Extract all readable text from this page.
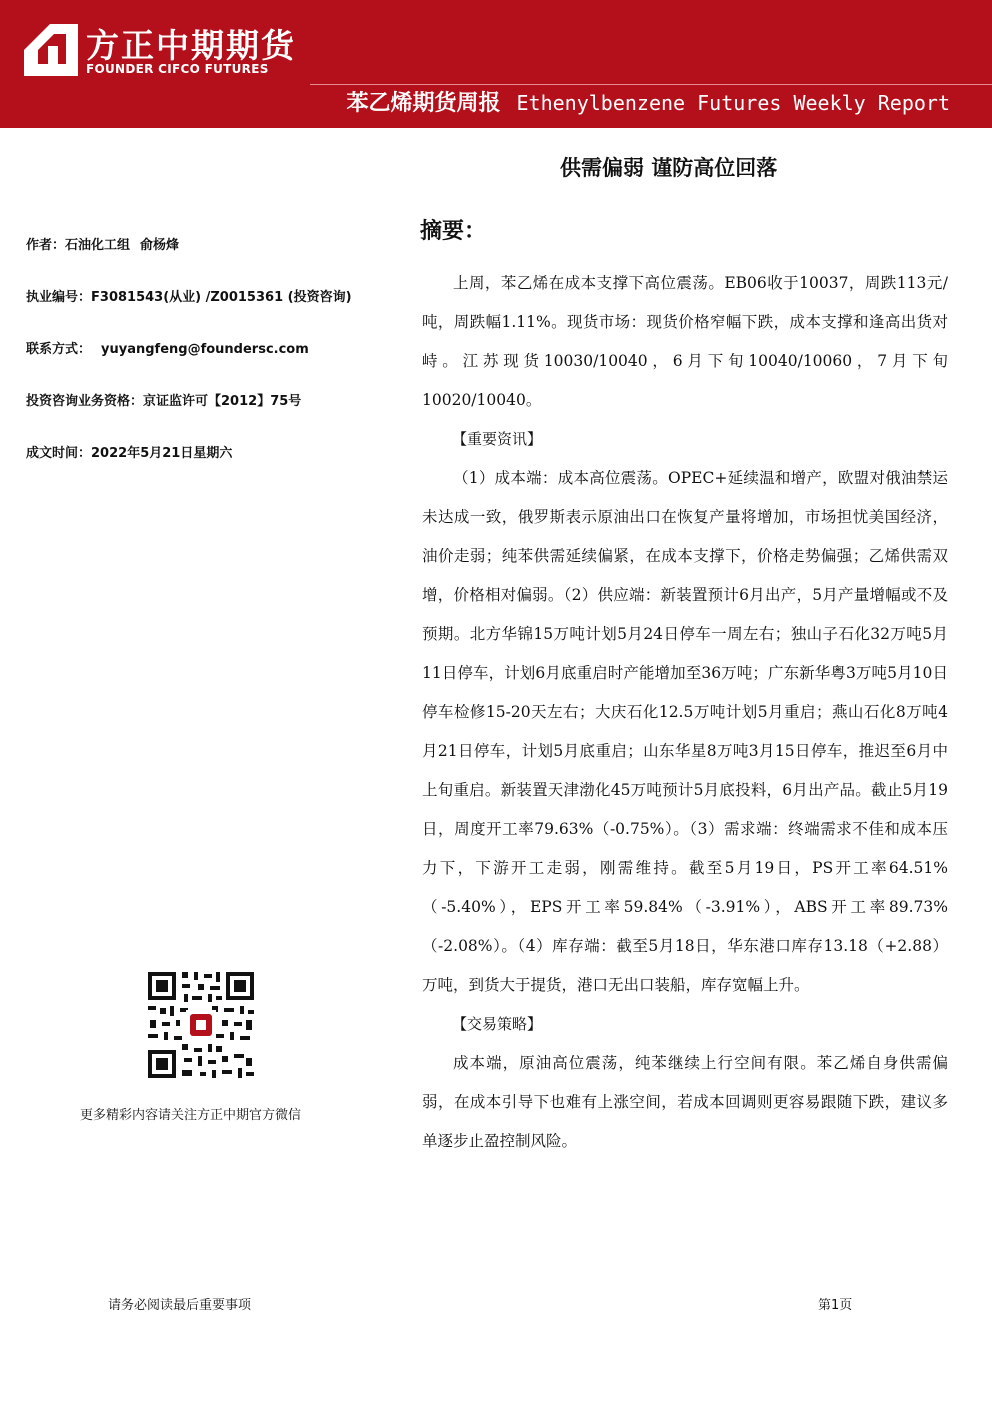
方正中期期货
FOUNDER CIFCO FUTURES
苯乙烯期货周报 Ethenylbenzene Futures Weekly Report
供需偏弱 谨防高位回落
作者：石油化工组 俞杨烽
执业编号：F3081543(从业) /Z0015361 (投资咨询)
联系方式： yuyangfeng@foundersc.com
投资咨询业务资格：京证监许可【2012】75号
成文时间：2022年5月21日星期六
更多精彩内容请关注方正中期官方微信
摘要：

上周，苯乙烯在成本支撑下高位震荡。EB06收于10037，周跌113元/吨，周跌幅1.11%。现货市场：现货价格窄幅下跌，成本支撑和逢高出货对峙。江苏现货10030/10040，6月下旬10040/10060，7月下旬10020/10040。

【重要资讯】

（1）成本端：成本高位震荡。OPEC+延续温和增产，欧盟对俄油禁运未达成一致，俄罗斯表示原油出口在恢复产量将增加，市场担忧美国经济，油价走弱；纯苯供需延续偏紧，在成本支撑下，价格走势偏强；乙烯供需双增，价格相对偏弱。（2）供应端：新装置预计6月出产，5月产量增幅或不及预期。北方华锦15万吨计划5月24日停车一周左右；独山子石化32万吨5月11日停车，计划6月底重启时产能增加至36万吨；广东新华粤3万吨5月10日停车检修15-20天左右；大庆石化12.5万吨计划5月重启；燕山石化8万吨4月21日停车，计划5月底重启；山东华星8万吨3月15日停车，推迟至6月中上旬重启。新装置天津渤化45万吨预计5月底投料，6月出产品。截止5月19日，周度开工率79.63%（-0.75%）。（3）需求端：终端需求不佳和成本压力下，下游开工走弱，刚需维持。截至5月19日，PS开工率64.51%（-5.40%），EPS开工率59.84%（-3.91%），ABS开工率89.73%（-2.08%）。（4）库存端：截至5月18日，华东港口库存13.18（+2.88）万吨，到货大于提货，港口无出口装船，库存宽幅上升。

【交易策略】

成本端，原油高位震荡，纯苯继续上行空间有限。苯乙烯自身供需偏弱，在成本引导下也难有上涨空间，若成本回调则更容易跟随下跌，建议多单逐步止盈控制风险。

请务必阅读最后重要事项	第1页
